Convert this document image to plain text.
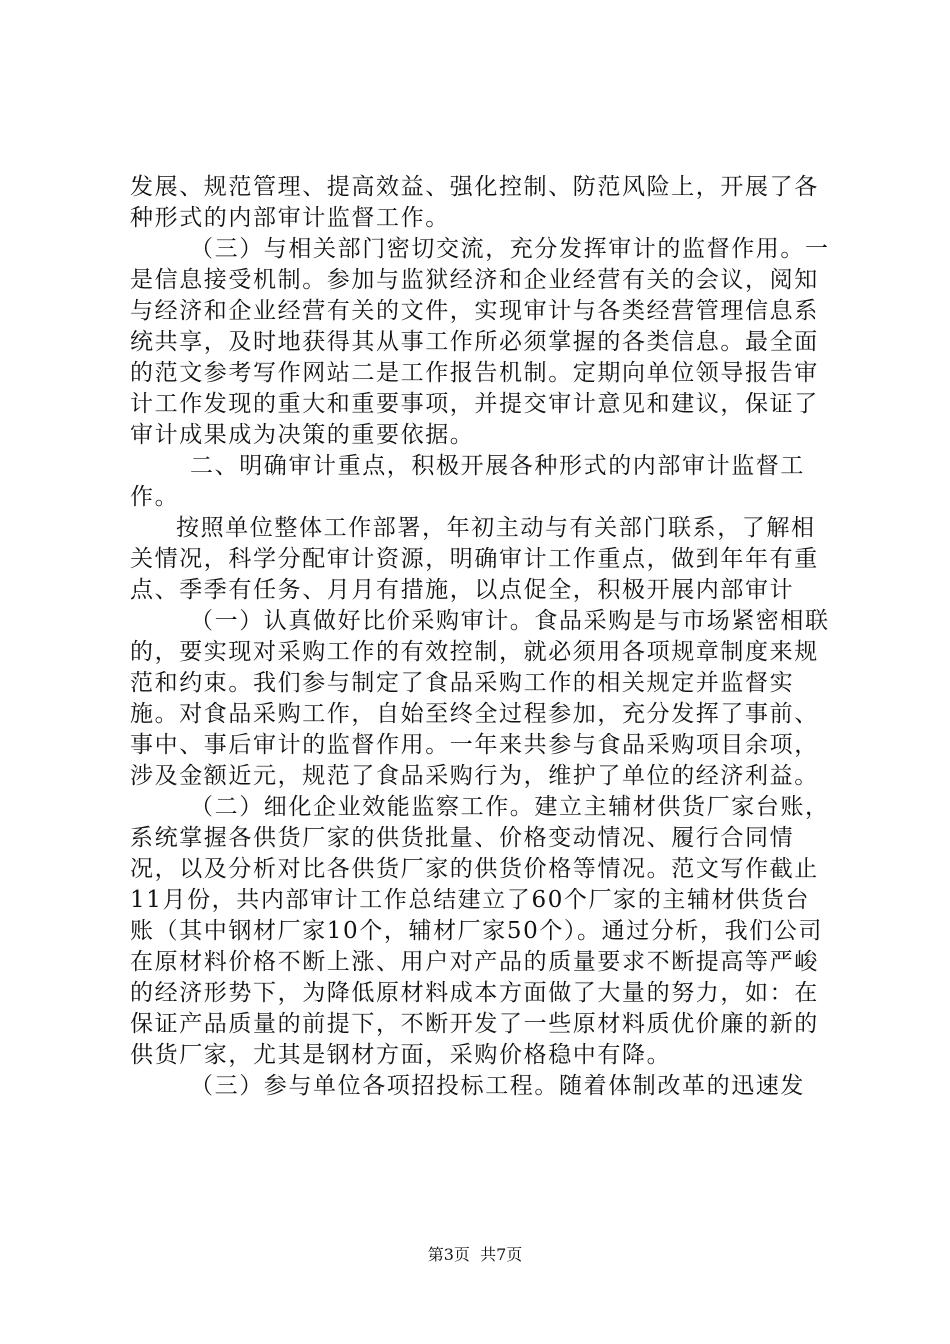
发展、规范管理、提高效益、强化控制、防范风险上，开展了各种形式的内部审计监督工作。

（三）与相关部门密切交流，充分发挥审计的监督作用。一是信息接受机制。参加与监狱经济和企业经营有关的会议，阅知与经济和企业经营有关的文件，实现审计与各类经营管理信息系统共享，及时地获得其从事工作所必须掌握的各类信息。最全面的范文参考写作网站二是工作报告机制。定期向单位领导报告审计工作发现的重大和重要事项，并提交审计意见和建议，保证了审计成果成为决策的重要依据。

二、明确审计重点，积极开展各种形式的内部审计监督工作。

按照单位整体工作部署，年初主动与有关部门联系，了解相关情况，科学分配审计资源，明确审计工作重点，做到年年有重点、季季有任务、月月有措施，以点促全，积极开展内部审计

（一）认真做好比价采购审计。食品采购是与市场紧密相联的，要实现对采购工作的有效控制，就必须用各项规章制度来规范和约束。我们参与制定了食品采购工作的相关规定并监督实施。对食品采购工作，自始至终全过程参加，充分发挥了事前、事中、事后审计的监督作用。一年来共参与食品采购项目余项，涉及金额近元，规范了食品采购行为，维护了单位的经济利益。

（二）细化企业效能监察工作。建立主辅材供货厂家台账，系统掌握各供货厂家的供货批量、价格变动情况、履行合同情况，以及分析对比各供货厂家的供货价格等情况。范文写作截止11月份，共内部审计工作总结建立了60个厂家的主辅材供货台账（其中钢材厂家10个，辅材厂家50个）。通过分析，我们公司在原材料价格不断上涨、用户对产品的质量要求不断提高等严峻的经济形势下，为降低原材料成本方面做了大量的努力，如：在保证产品质量的前提下，不断开发了一些原材料质优价廉的新的供货厂家，尤其是钢材方面，采购价格稳中有降。

（三）参与单位各项招投标工程。随着体制改革的迅速发

第3页  共7页
